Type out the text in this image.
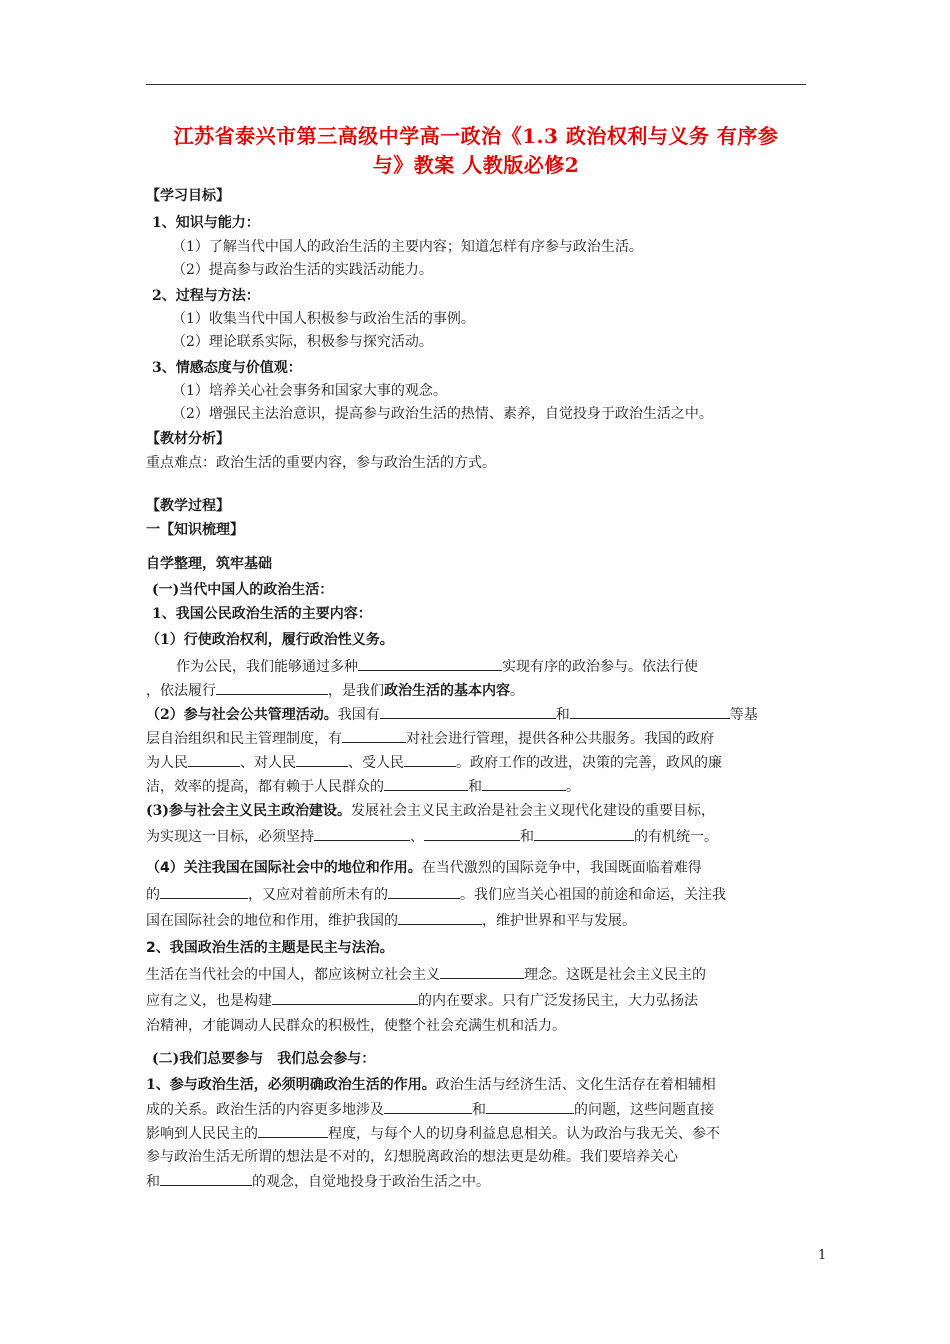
江苏省泰兴市第三高级中学高一政治《1.3 政治权利与义务 有序参
与》教案 人教版必修2
【学习目标】
1、知识与能力：
（1）了解当代中国人的政治生活的主要内容；知道怎样有序参与政治生活。
（2）提高参与政治生活的实践活动能力。
2、过程与方法：
（1）收集当代中国人积极参与政治生活的事例。
（2）理论联系实际，积极参与探究活动。
3、情感态度与价值观：
（1）培养关心社会事务和国家大事的观念。
（2）增强民主法治意识，提高参与政治生活的热情、素养，自觉投身于政治生活之中。
【教材分析】
重点难点：政治生活的重要内容，参与政治生活的方式。
【教学过程】
一【知识梳理】
自学整理，筑牢基础
(一)当代中国人的政治生活：
1、我国公民政治生活的主要内容：
（1）行使政治权利，履行政治性义务。
作为公民，我们能够通过多种	实现有序的政治参与。依法行使
，依法履行	，是我们政治生活的基本内容。
（2）参与社会公共管理活动。我国有	和	等基
层自治组织和民主管理制度，有	对社会进行管理，提供各种公共服务。我国的政府
为人民	、对人民	、受人民	。政府工作的改进，决策的完善，政风的廉
洁，效率的提高，都有赖于人民群众的	和	。
(3)参与社会主义民主政治建设。发展社会主义民主政治是社会主义现代化建设的重要目标，
为实现这一目标，必须坚持	、	和	的有机统一。
（4）关注我国在国际社会中的地位和作用。在当代激烈的国际竞争中，我国既面临着难得
的	，又应对着前所未有的	。我们应当关心祖国的前途和命运，关注我
国在国际社会的地位和作用，维护我国的	，维护世界和平与发展。
2、我国政治生活的主题是民主与法治。
生活在当代社会的中国人，都应该树立社会主义	理念。这既是社会主义民主的
应有之义，也是构建	的内在要求。只有广泛发扬民主，大力弘扬法
治精神，才能调动人民群众的积极性，使整个社会充满生机和活力。
(二)我们总要参与　我们总会参与：
1、参与政治生活，必须明确政治生活的作用。政治生活与经济生活、文化生活存在着相辅相
成的关系。政治生活的内容更多地涉及	和	的问题，这些问题直接
影响到人民民主的	程度，与每个人的切身利益息息相关。认为政治与我无关、参不
参与政治生活无所谓的想法是不对的，幻想脱离政治的想法更是幼稚。我们要培养关心
和	的观念，自觉地投身于政治生活之中。
1
